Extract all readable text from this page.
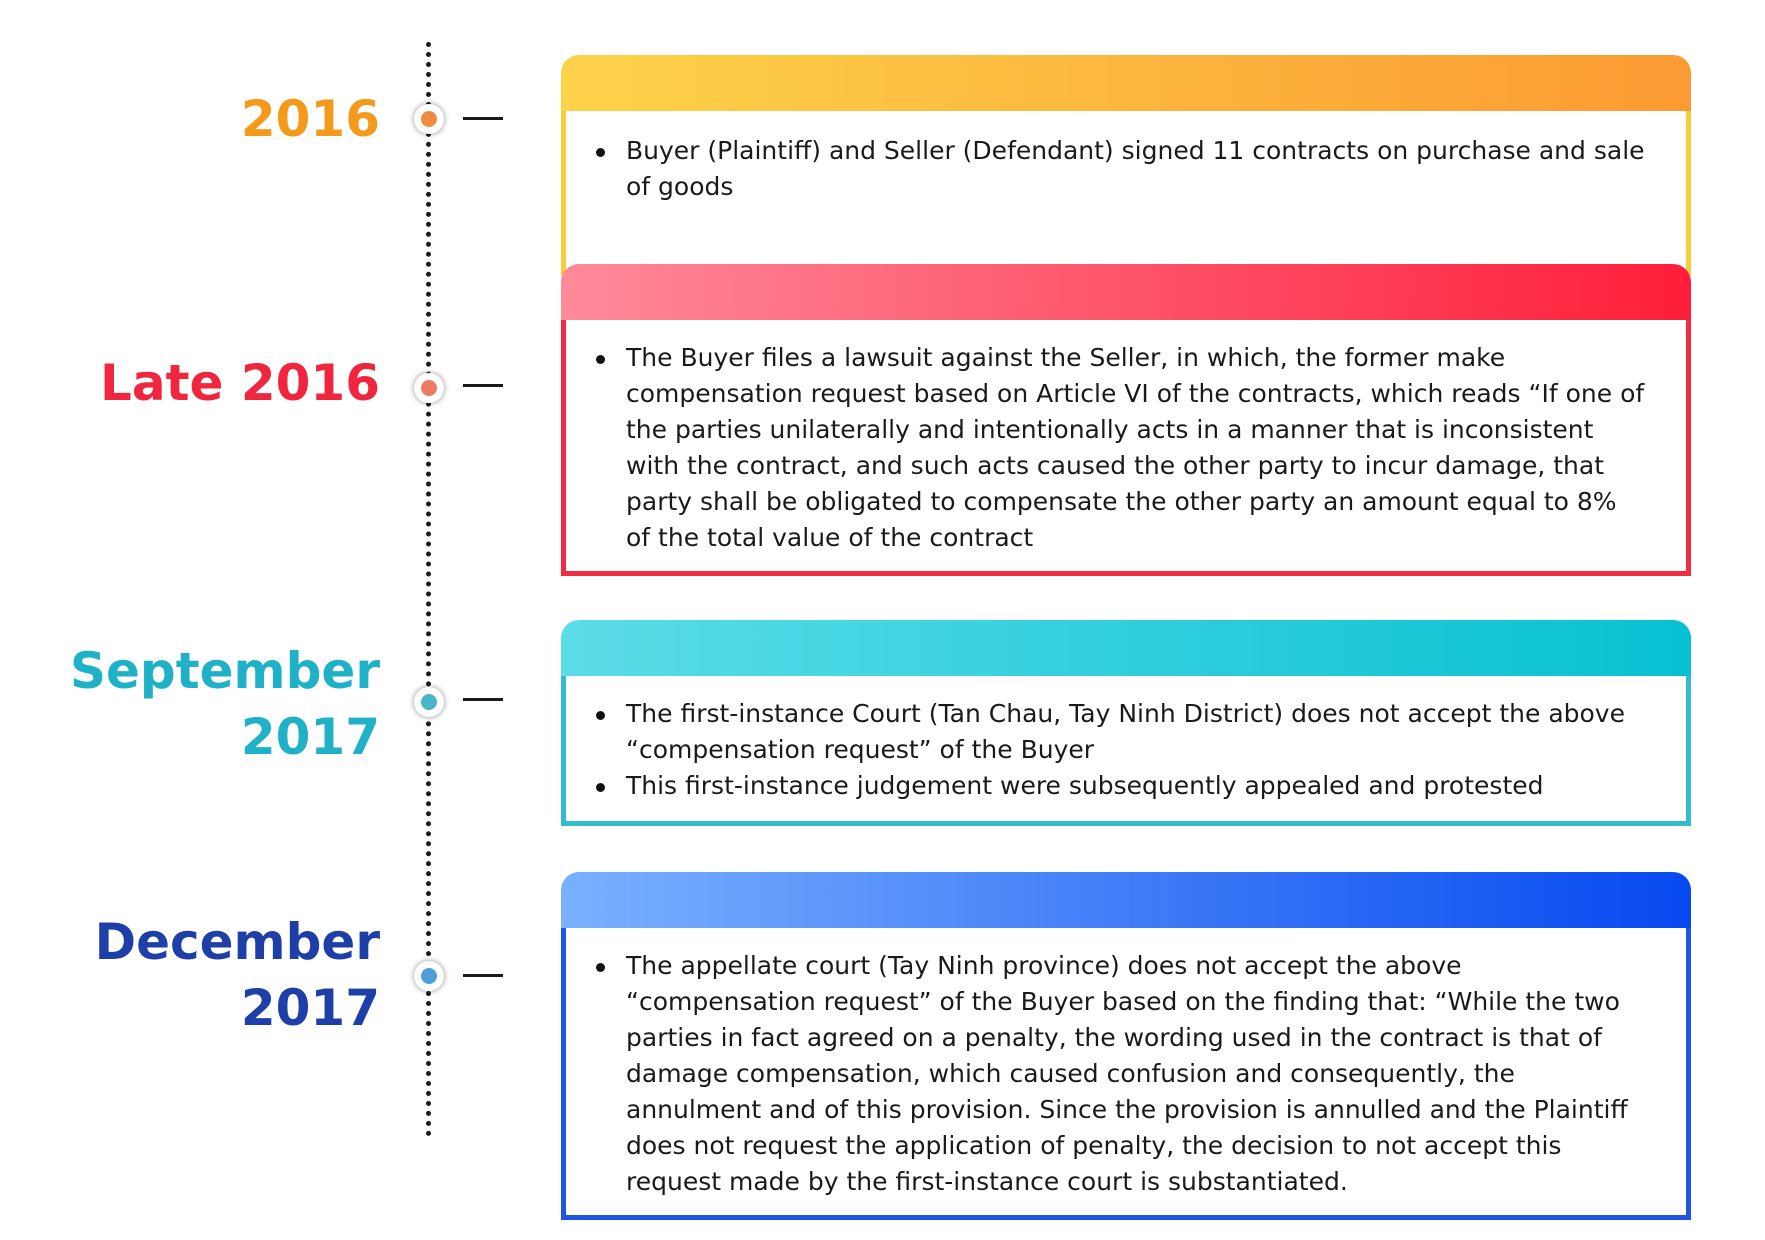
2016
Buyer (Plaintiff) and Seller (Defendant) signed 11 contracts on purchase and sale of goods
Late 2016	The Buyer files a lawsuit against the Seller, in which, the former make compensation request based on Article VI of the contracts, which reads “If one of the parties unilaterally and intentionally acts in a manner that is inconsistent with the contract, and such acts caused the other party to incur damage, that party shall be obligated to compensate the other party an amount equal to 8% of the total value of the contract
September
2017	The first-instance Court (Tan Chau, Tay Ninh District) does not accept the above “compensation request” of the Buyer
This first-instance judgement were subsequently appealed and protested
December
2017
The appellate court (Tay Ninh province) does not accept the above “compensation request” of the Buyer based on the finding that: “While the two parties in fact agreed on a penalty, the wording used in the contract is that of damage compensation, which caused confusion and consequently, the annulment and of this provision. Since the provision is annulled and the Plaintiff does not request the application of penalty, the decision to not accept this request made by the first-instance court is substantiated.
